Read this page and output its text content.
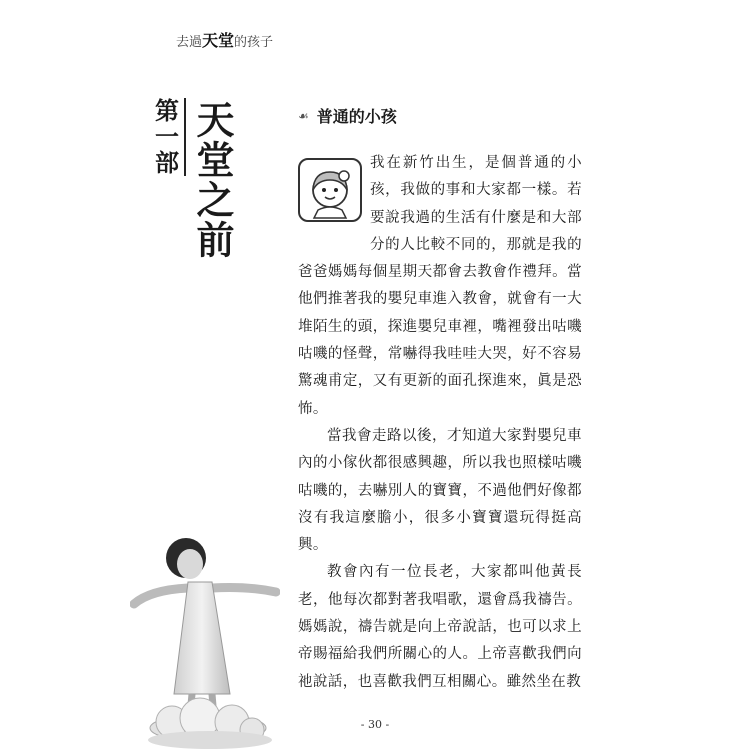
去過天堂的孩子
第一部 天堂之前	☙ 普通的小孩

我在新竹出生，是個普通的小孩，我做的事和大家都一樣。若要說我過的生活有什麼是和大部分的人比較不同的，那就是我的爸爸媽媽每個星期天都會去教會作禮拜。當他們推著我的嬰兒車進入教會，就會有一大堆陌生的頭，探進嬰兒車裡，嘴裡發出咕嘰咕嘰的怪聲，常嚇得我哇哇大哭，好不容易驚魂甫定，又有更新的面孔探進來，眞是恐怖。

當我會走路以後，才知道大家對嬰兒車內的小傢伙都很感興趣，所以我也照樣咕嘰咕嘰的，去嚇別人的寶寶，不過他們好像都沒有我這麼膽小，很多小寶寶還玩得挺高興。

教會內有一位長老，大家都叫他黃長老，他每次都對著我唱歌，還會爲我禱告。媽媽說，禱告就是向上帝說話，也可以求上帝賜福給我們所關心的人。上帝喜歡我們向祂說話，也喜歡我們互相關心。雖然坐在教

- 30 -
